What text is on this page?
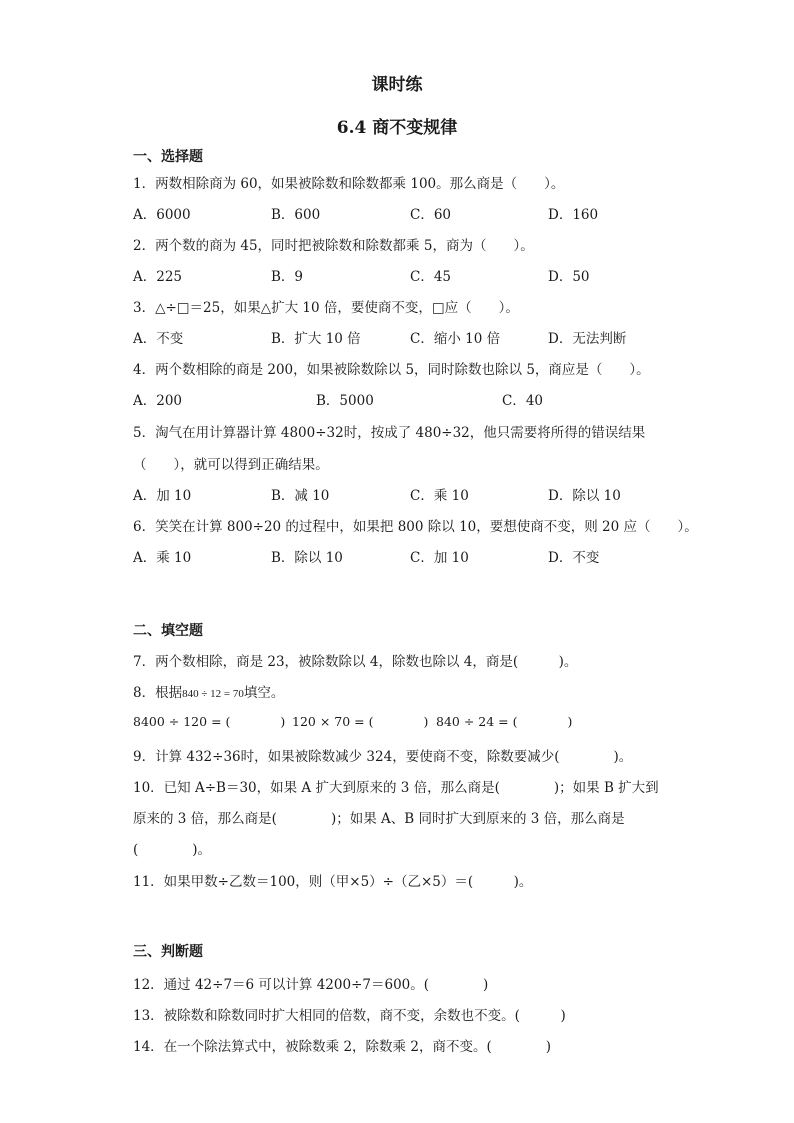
课时练
6.4 商不变规律
一、选择题
1．两数相除商为 60，如果被除数和除数都乘 100。那么商是（　　）。
A．6000	B．600	C．60	D．160
2．两个数的商为 45，同时把被除数和除数都乘 5，商为（　　）。
A．225	B．9	C．45	D．50
3．△÷□＝25，如果△扩大 10 倍，要使商不变，□应（　　）。
A．不变	B．扩大 10 倍	C．缩小 10 倍	D．无法判断
4．两个数相除的商是 200，如果被除数除以 5，同时除数也除以 5，商应是（　　）。
A．200	B．5000	C．40
5．淘气在用计算器计算 4800÷32时，按成了 480÷32，他只需要将所得的错误结果
（　　），就可以得到正确结果。
A．加 10	B．减 10	C．乘 10	D．除以 10
6．笑笑在计算 800÷20 的过程中，如果把 800 除以 10，要想使商不变，则 20 应（　　）。
A．乘 10	B．除以 10	C．加 10	D．不变
二、填空题
7．两个数相除，商是 23，被除数除以 4，除数也除以 4，商是(　　　)。
8．根据840 ÷ 12 = 70填空。
8400 ÷ 120 = (　　　　) 120 × 70 = (　　　　) 840 ÷ 24 = (　　　　)
9．计算 432÷36时，如果被除数减少 324，要使商不变，除数要减少(　　　　)。
10．已知 A÷B＝30，如果 A 扩大到原来的 3 倍，那么商是(　　　　)；如果 B 扩大到
原来的 3 倍，那么商是(　　　　)；如果 A、B 同时扩大到原来的 3 倍，那么商是
(　　　　)。
11．如果甲数÷乙数＝100，则（甲×5）÷（乙×5）＝(　　　)。
三、判断题
12．通过 42÷7＝6 可以计算 4200÷7＝600。(　　　　)
13．被除数和除数同时扩大相同的倍数，商不变，余数也不变。(　　　)
14．在一个除法算式中，被除数乘 2，除数乘 2，商不变。(　　　　)
